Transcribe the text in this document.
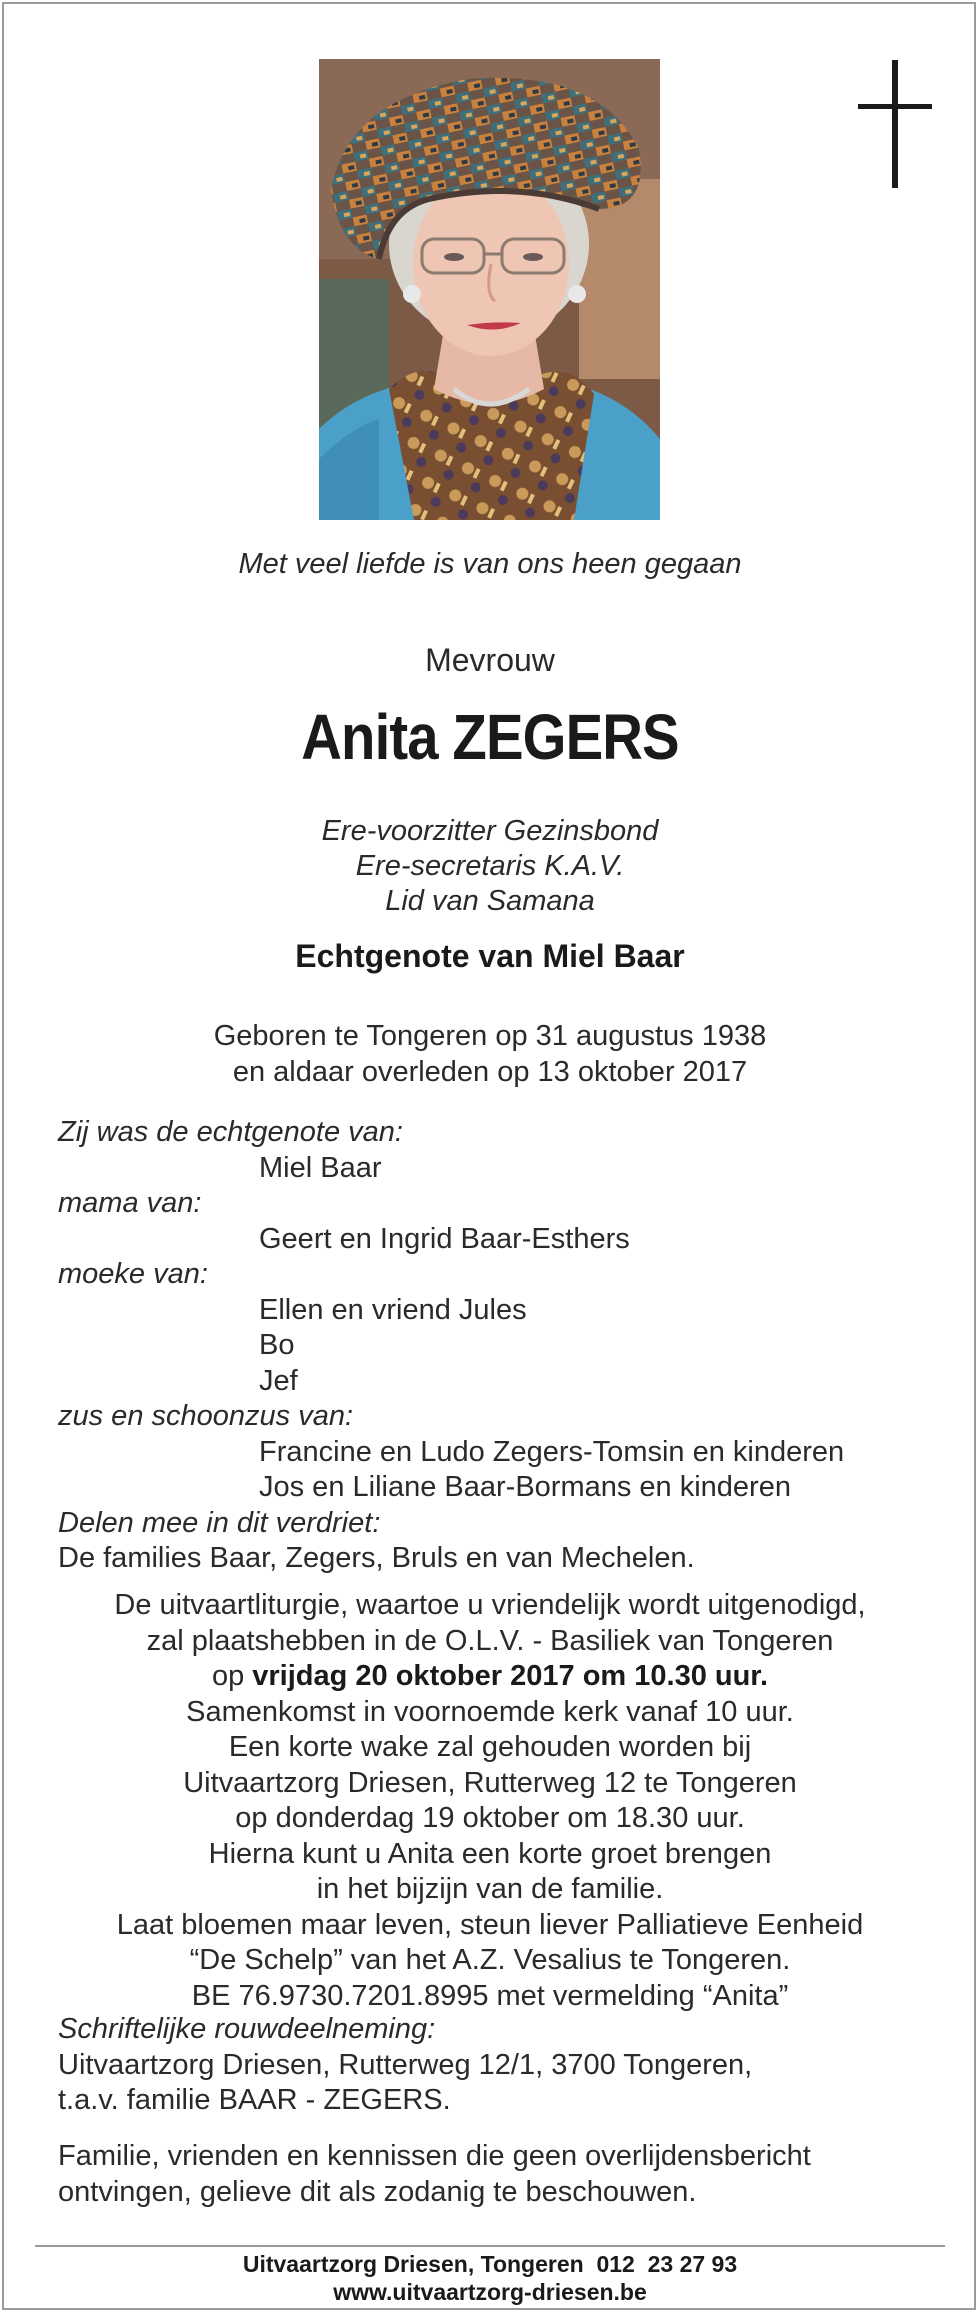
Met veel liefde is van ons heen gegaan
Mevrouw
Anita ZEGERS
Ere-voorzitter Gezinsbond
Ere-secretaris K.A.V.
Lid van Samana
Echtgenote van Miel Baar
Geboren te Tongeren op 31 augustus 1938
en aldaar overleden op 13 oktober 2017
Zij was de echtgenote van:
Miel Baar
mama van:
Geert en Ingrid Baar-Esthers
moeke van:
Ellen en vriend Jules
Bo
Jef
zus en schoonzus van:
Francine en Ludo Zegers-Tomsin en kinderen
Jos en Liliane Baar-Bormans en kinderen
Delen mee in dit verdriet:
De families Baar, Zegers, Bruls en van Mechelen.
De uitvaartliturgie, waartoe u vriendelijk wordt uitgenodigd,
zal plaatshebben in de O.L.V. - Basiliek van Tongeren
op vrijdag 20 oktober 2017 om 10.30 uur.
Samenkomst in voornoemde kerk vanaf 10 uur.
Een korte wake zal gehouden worden bij
Uitvaartzorg Driesen, Rutterweg 12 te Tongeren
op donderdag 19 oktober om 18.30 uur.
Hierna kunt u Anita een korte groet brengen
in het bijzijn van de familie.
Laat bloemen maar leven, steun liever Palliatieve Eenheid
“De Schelp” van het A.Z. Vesalius te Tongeren.
BE 76.9730.7201.8995 met vermelding “Anita”
Schriftelijke rouwdeelneming:
Uitvaartzorg Driesen, Rutterweg 12/1, 3700 Tongeren,
t.a.v. familie BAAR - ZEGERS.
Familie, vrienden en kennissen die geen overlijdensbericht
ontvingen, gelieve dit als zodanig te beschouwen.
Uitvaartzorg Driesen, Tongeren  012  23 27 93
www.uitvaartzorg-driesen.be
